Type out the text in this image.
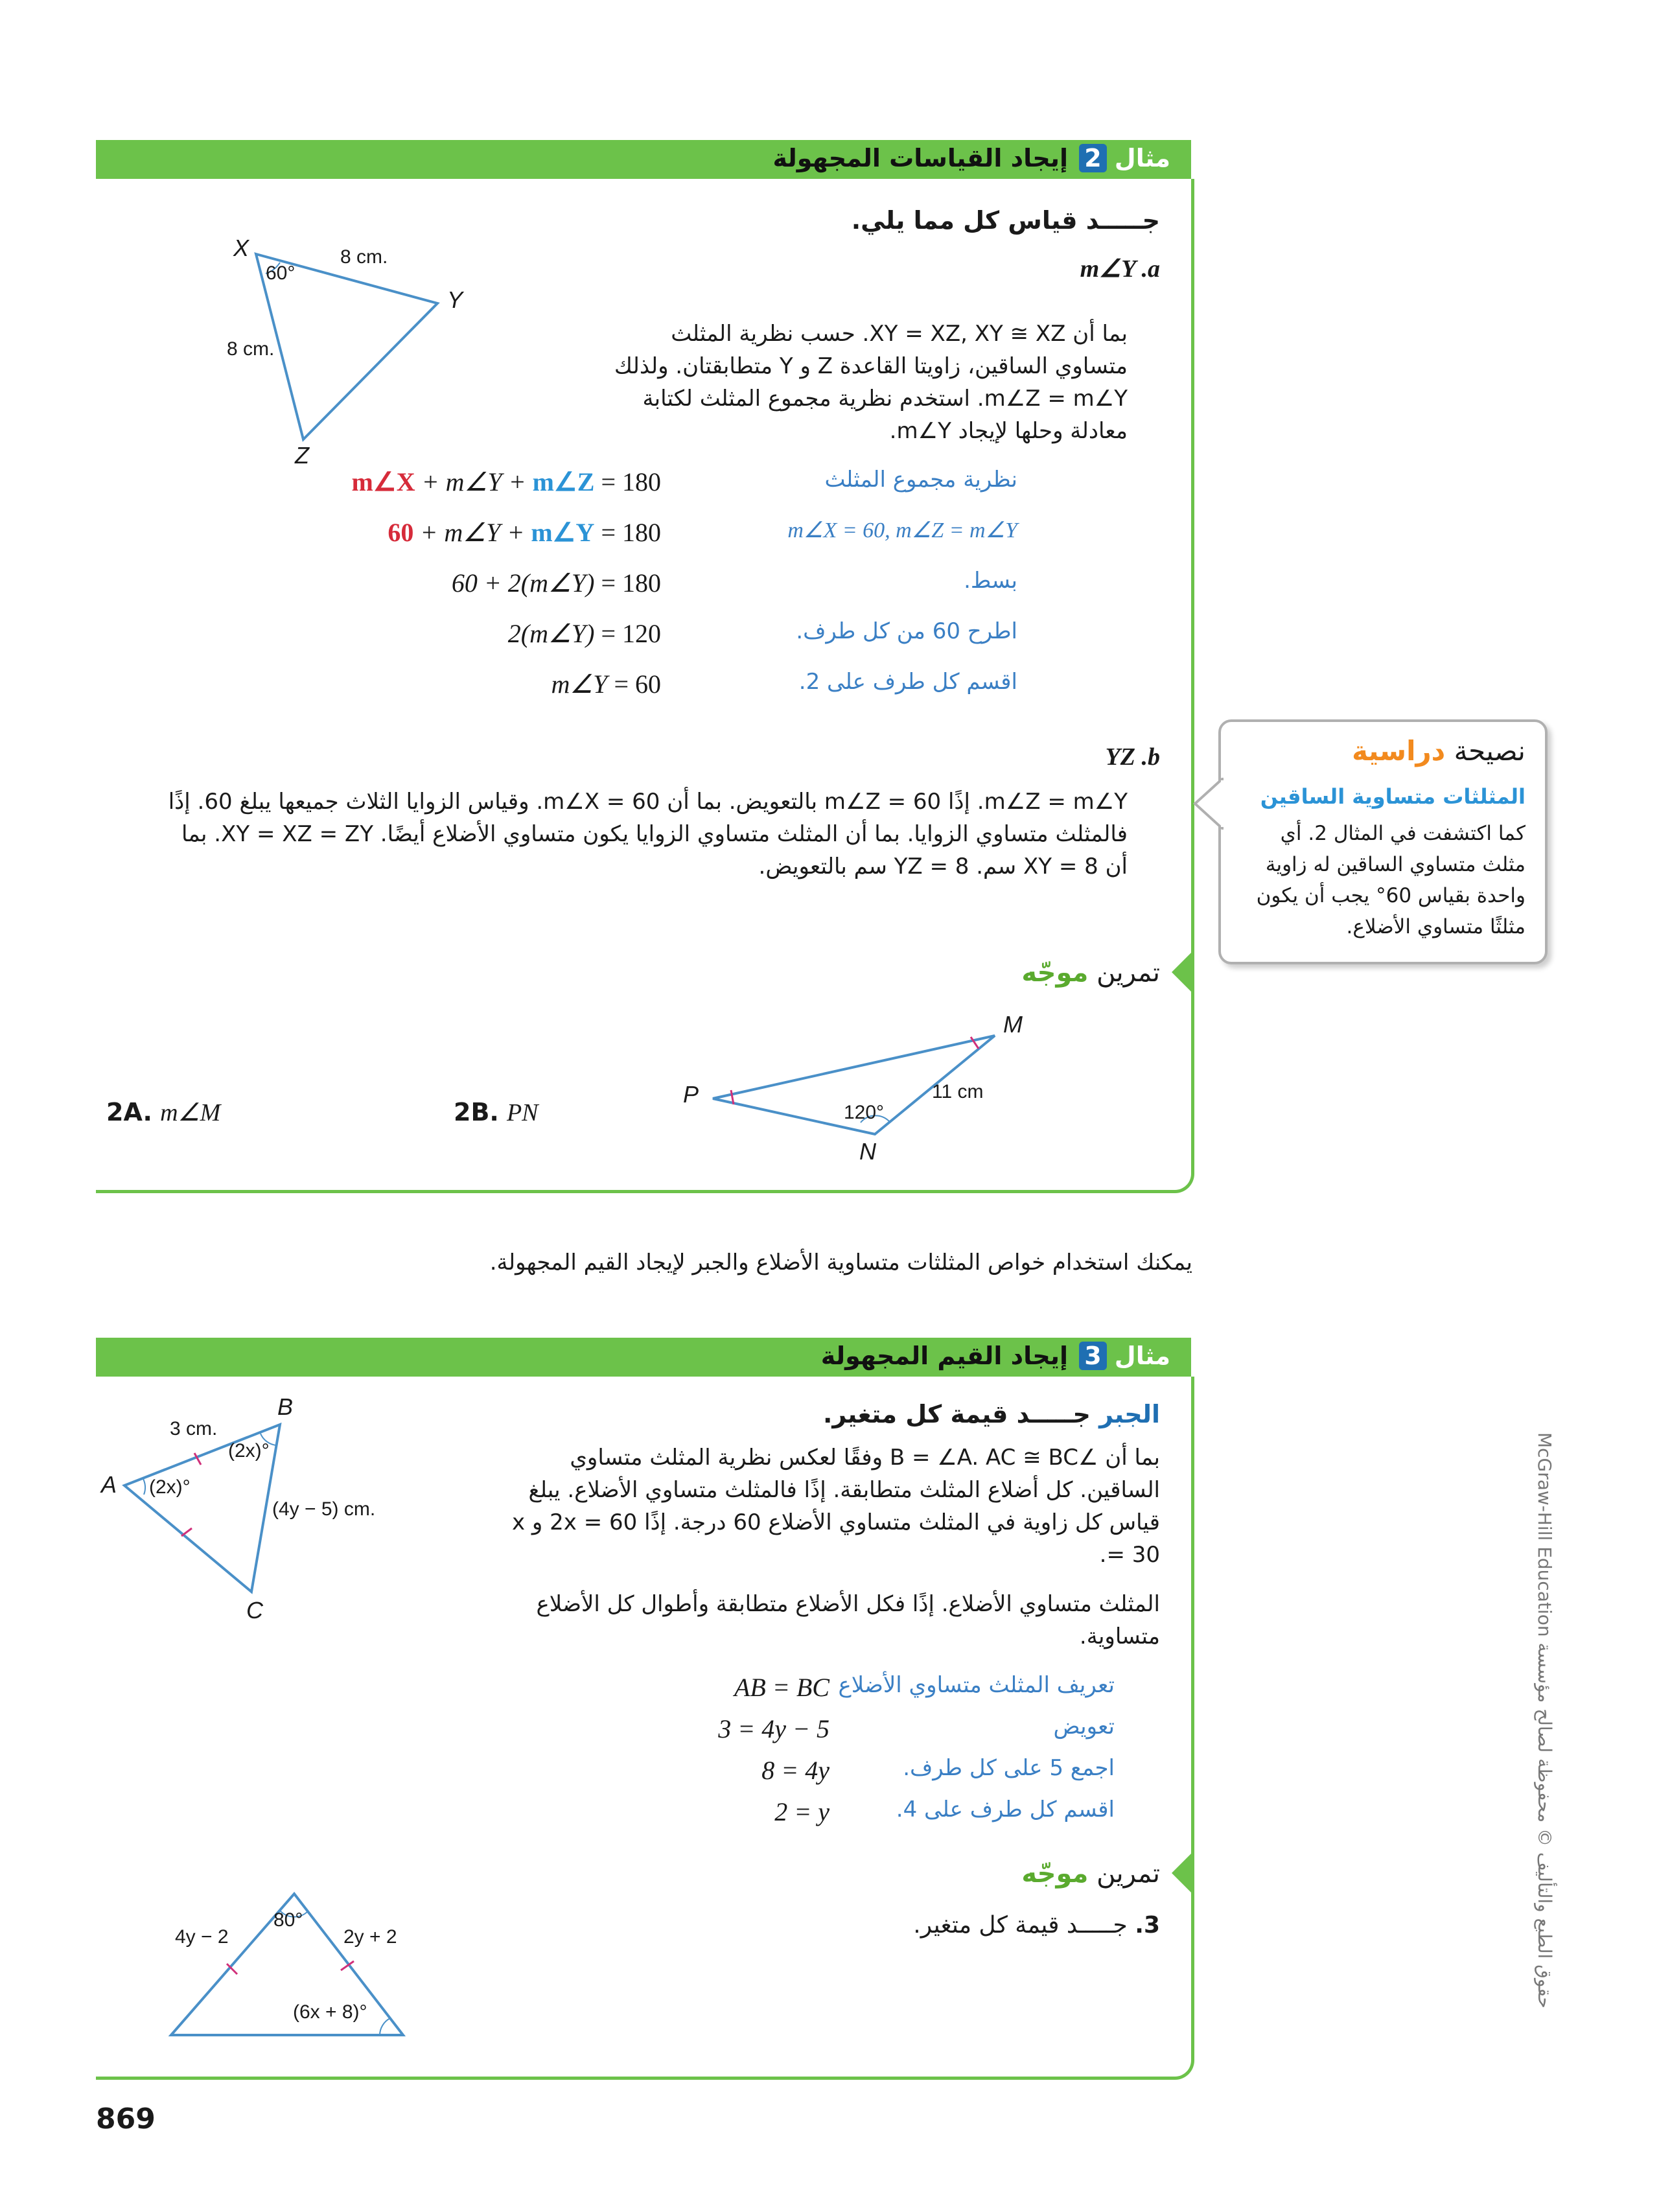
مثال2 إيجاد القياسات المجهولة
جـــــد قياس كل مما يلي.
m∠Y .a
بما أن XY = XZ, XY ≅ XZ. حسب نظرية المثلث متساوي الساقين، زاويتا القاعدة Z و Y متطابقتان. ولذلك m∠Z = m∠Y. استخدم نظرية مجموع المثلث لكتابة معادلة وحلها لإيجاد m∠Y.
X
Y
Z
60°
8 cm.
8 cm.
m∠X + m∠Y + m∠Z = 180	نظرية مجموع المثلث
60 + m∠Y + m∠Y = 180	m∠X = 60, m∠Z = m∠Y
60 + 2(m∠Y) = 180	بسط.
2(m∠Y) = 120	اطرح 60 من كل طرف.
m∠Y = 60	اقسم كل طرف على 2.
YZ .b
m∠Z = m∠Y. إذًا m∠Z = 60 بالتعويض. بما أن m∠X = 60. وقياس الزوايا الثلاث جميعها يبلغ 60. إذًا فالمثلث متساوي الزوايا. بما أن المثلث متساوي الزوايا يكون متساوي الأضلاع أيضًا. XY = XZ = ZY. بما أن XY = 8 سم. YZ = 8 سم بالتعويض.
تمرين موجّه
M
P
N
120°
11 cm
2A. m∠M	2B. PN
نصيحة دراسية
المثلثات متساوية الساقين
كما اكتشفت في المثال 2. أي مثلث متساوي الساقين له زاوية واحدة بقياس 60° يجب أن يكون مثلثًا متساوي الأضلاع.
يمكنك استخدام خواص المثلثات متساوية الأضلاع والجبر لإيجاد القيم المجهولة.
مثال3 إيجاد القيم المجهولة
الجبر جـــــد قيمة كل متغير.
بما أن ∠B = ∠A. AC ≅ BC وفقًا لعكس نظرية المثلث متساوي الساقين. كل أضلاع المثلث متطابقة. إذًا فالمثلث متساوي الأضلاع. يبلغ قياس كل زاوية في المثلث متساوي الأضلاع 60 درجة. إذًا 2x = 60 و x = 30.
المثلث متساوي الأضلاع. إذًا فكل الأضلاع متطابقة وأطوال كل الأضلاع متساوية.
A
B
C
3 cm.
(2x)°
(2x)°
(4y − 5) cm.
AB = BC تعريف المثلث متساوي الأضلاع
3 = 4y − 5	تعويض
8 = 4y	اجمع 5 على كل طرف.
2 = y	اقسم كل طرف على 4.
تمرين موجّه
3. جـــــد قيمة كل متغير.
4y − 2
80°
2y + 2
(6x + 8)°
McGraw-Hill Education حقوق الطبع والتأليف © محفوظة لصالح مؤسسة
869
